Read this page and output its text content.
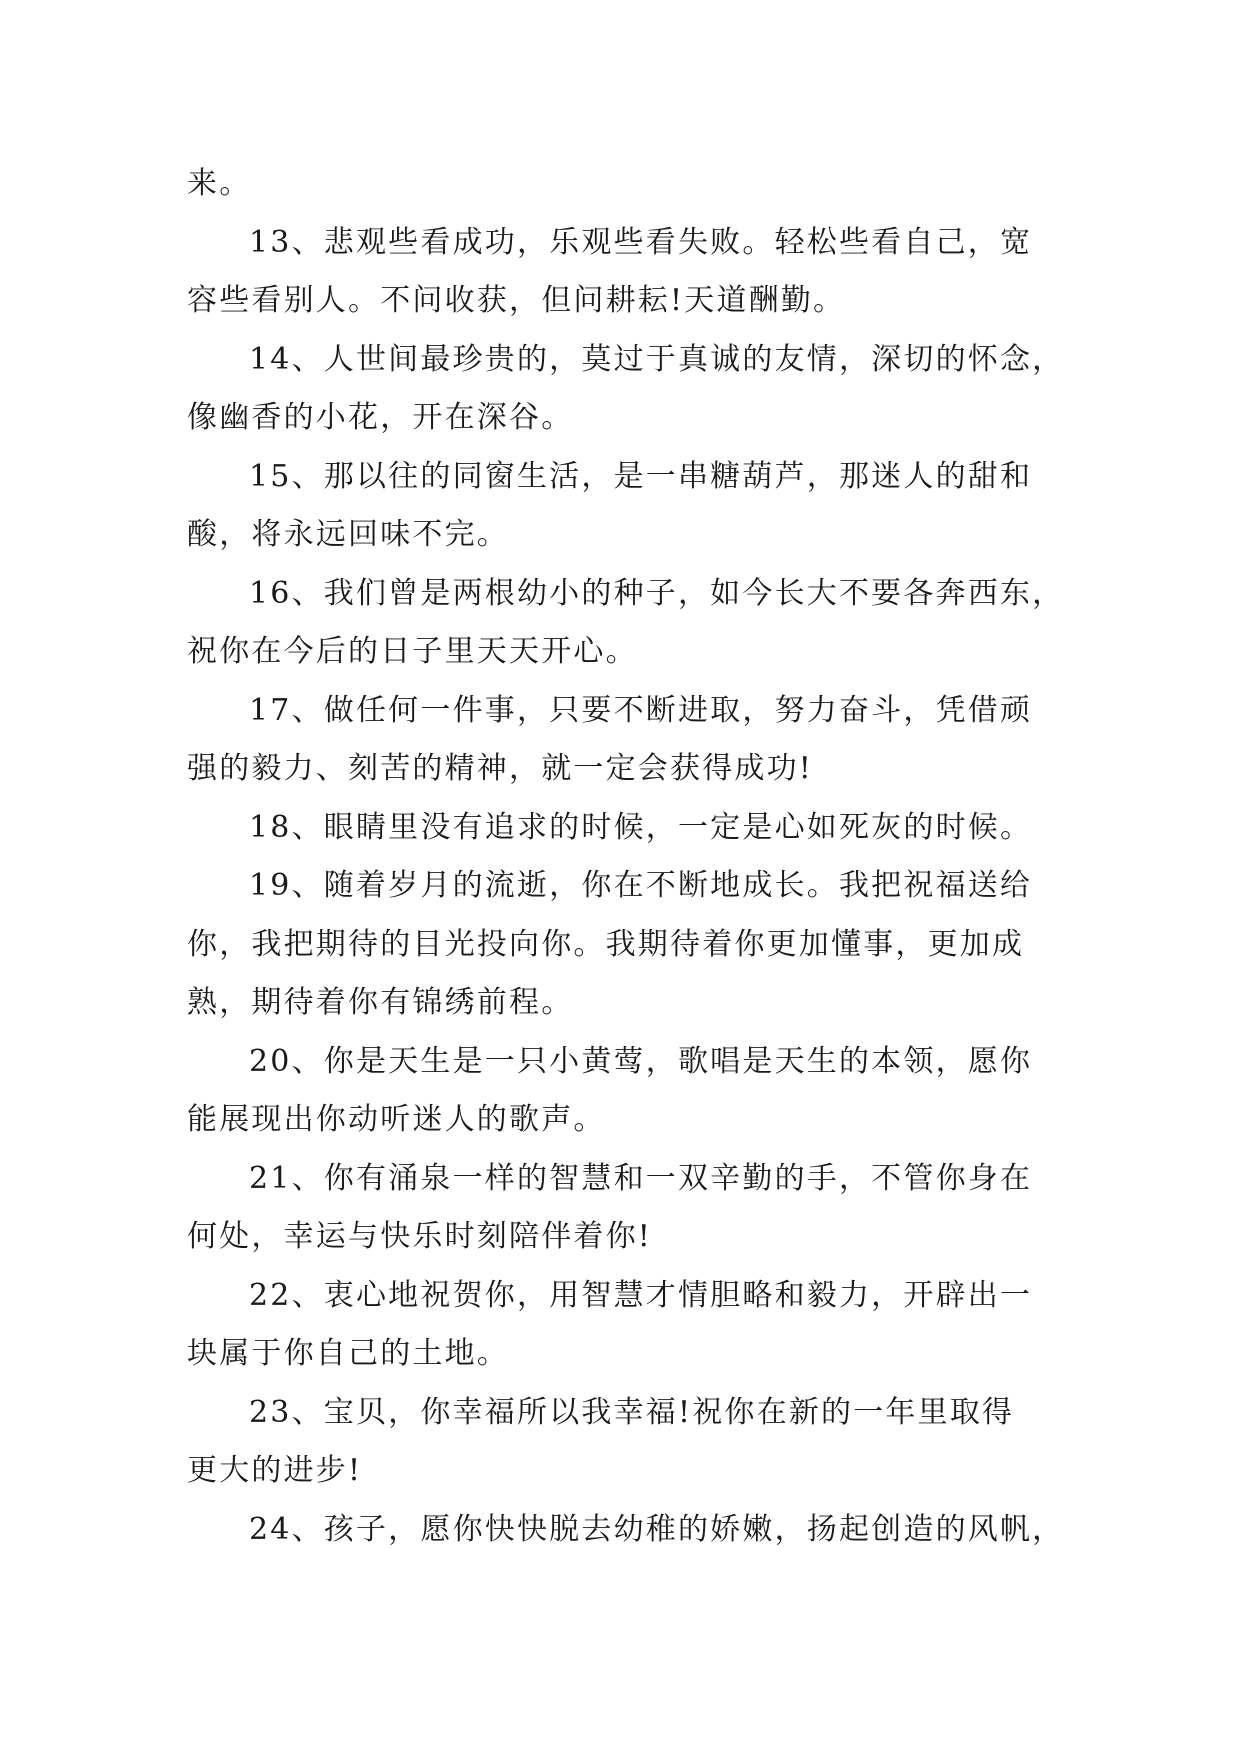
来。
13、悲观些看成功，乐观些看失败。轻松些看自己，宽
容些看别人。不问收获，但问耕耘!天道酬勤。
14、人世间最珍贵的，莫过于真诚的友情，深切的怀念，
像幽香的小花，开在深谷。
15、那以往的同窗生活，是一串糖葫芦，那迷人的甜和
酸，将永远回味不完。
16、我们曾是两根幼小的种子，如今长大不要各奔西东，
祝你在今后的日子里天天开心。
17、做任何一件事，只要不断进取，努力奋斗，凭借顽
强的毅力、刻苦的精神，就一定会获得成功!
18、眼睛里没有追求的时候，一定是心如死灰的时候。
19、随着岁月的流逝，你在不断地成长。我把祝福送给
你，我把期待的目光投向你。我期待着你更加懂事，更加成
熟，期待着你有锦绣前程。
20、你是天生是一只小黄莺，歌唱是天生的本领，愿你
能展现出你动听迷人的歌声。
21、你有涌泉一样的智慧和一双辛勤的手，不管你身在
何处，幸运与快乐时刻陪伴着你!
22、衷心地祝贺你，用智慧才情胆略和毅力，开辟出一
块属于你自己的土地。
23、宝贝，你幸福所以我幸福!祝你在新的一年里取得
更大的进步!
24、孩子，愿你快快脱去幼稚的娇嫩，扬起创造的风帆，
